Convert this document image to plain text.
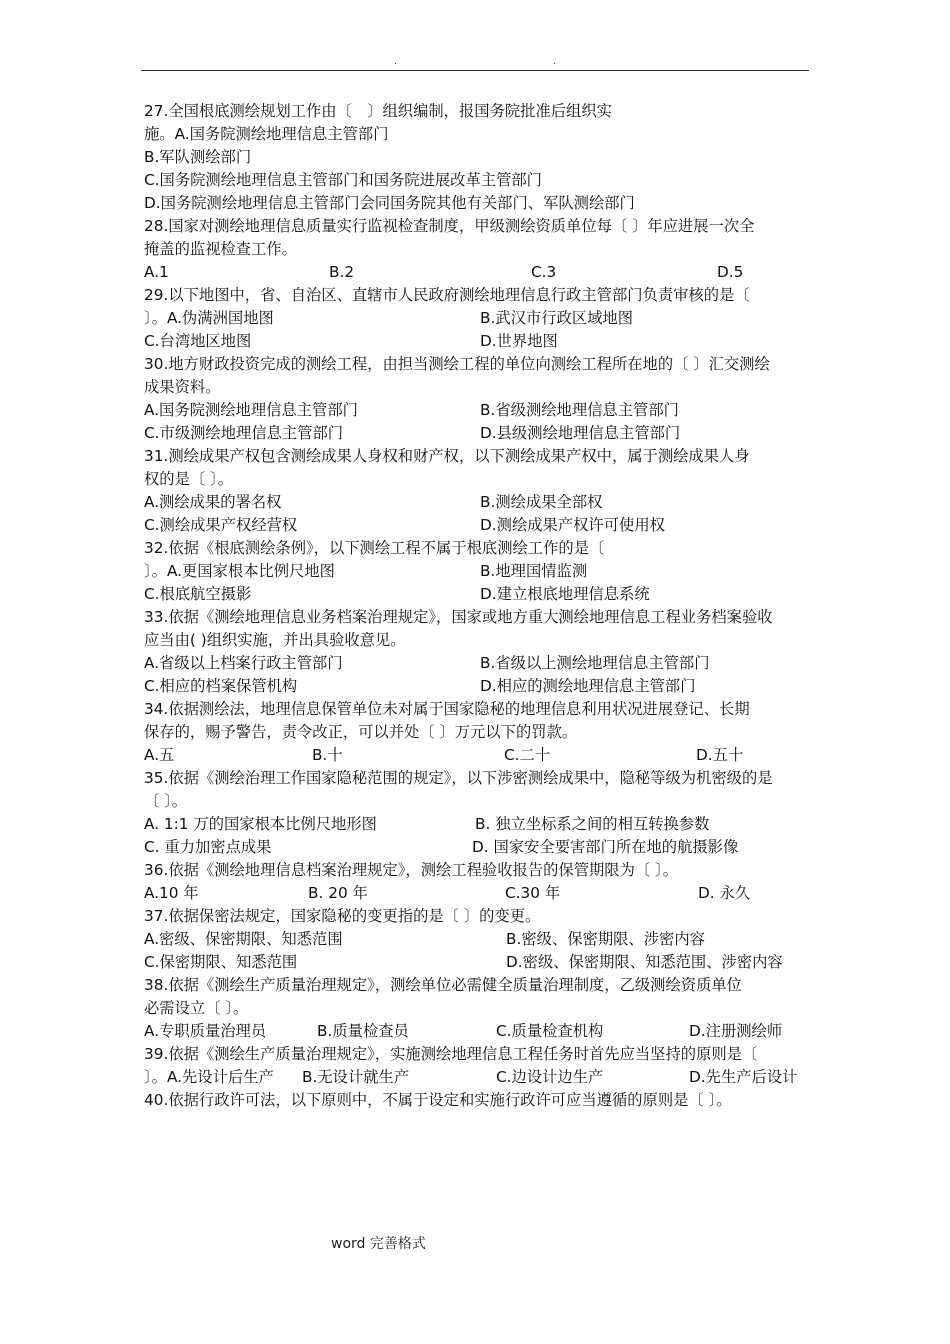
.	.
27.全国根底测绘规划工作由〔　〕组织编制，报国务院批准后组织实
施。A.国务院测绘地理信息主管部门
B.军队测绘部门
C.国务院测绘地理信息主管部门和国务院进展改革主管部门
D.国务院测绘地理信息主管部门会同国务院其他有关部门、军队测绘部门
28.国家对测绘地理信息质量实行监视检查制度，甲级测绘资质单位每〔 〕年应进展一次全
掩盖的监视检查工作。
A.1	B.2	C.3	D.5
29.以下地图中，省、自治区、直辖市人民政府测绘地理信息行政主管部门负责审核的是〔
〕。A.伪满洲国地图	B.武汉市行政区域地图
C.台湾地区地图	D.世界地图
30.地方财政投资完成的测绘工程，由担当测绘工程的单位向测绘工程所在地的〔 〕汇交测绘
成果资料。
A.国务院测绘地理信息主管部门	B.省级测绘地理信息主管部门
C.市级测绘地理信息主管部门	D.县级测绘地理信息主管部门
31.测绘成果产权包含测绘成果人身权和财产权，以下测绘成果产权中，属于测绘成果人身
权的是〔 〕。
A.测绘成果的署名权	B.测绘成果全部权
C.测绘成果产权经营权	D.测绘成果产权许可使用权
32.依据《根底测绘条例》，以下测绘工程不属于根底测绘工作的是〔
〕。A.更国家根本比例尺地图	B.地理国情监测
C.根底航空摄影	D.建立根底地理信息系统
33.依据《测绘地理信息业务档案治理规定》，国家或地方重大测绘地理信息工程业务档案验收
应当由( )组织实施，并出具验收意见。
A.省级以上档案行政主管部门	B.省级以上测绘地理信息主管部门
C.相应的档案保管机构	D.相应的测绘地理信息主管部门
34.依据测绘法，地理信息保管单位未对属于国家隐秘的地理信息利用状况进展登记、长期
保存的，赐予警告，责令改正，可以并处〔 〕万元以下的罚款。
A.五	B.十	C.二十	D.五十
35.依据《测绘治理工作国家隐秘范围的规定》，以下涉密测绘成果中，隐秘等级为机密级的是
〔 〕。
A. 1:1 万的国家根本比例尺地形图	B. 独立坐标系之间的相互转换参数
C. 重力加密点成果	D. 国家安全要害部门所在地的航摄影像
36.依据《测绘地理信息档案治理规定》，测绘工程验收报告的保管期限为〔 〕。
A.10 年	B. 20 年	C.30 年	D. 永久
37.依据保密法规定，国家隐秘的变更指的是〔 〕的变更。
A.密级、保密期限、知悉范围	B.密级、保密期限、涉密内容
C.保密期限、知悉范围	D.密级、保密期限、知悉范围、涉密内容
38.依据《测绘生产质量治理规定》，测绘单位必需健全质量治理制度，乙级测绘资质单位
必需设立〔 〕。
A.专职质量治理员	B.质量检查员	C.质量检查机构	D.注册测绘师
39.依据《测绘生产质量治理规定》，实施测绘地理信息工程任务时首先应当坚持的原则是〔
〕。A.先设计后生产 B.无设计就生产	C.边设计边生产	D.先生产后设计
40.依据行政许可法，以下原则中，不属于设定和实施行政许可应当遵循的原则是〔 〕。
word 完善格式
